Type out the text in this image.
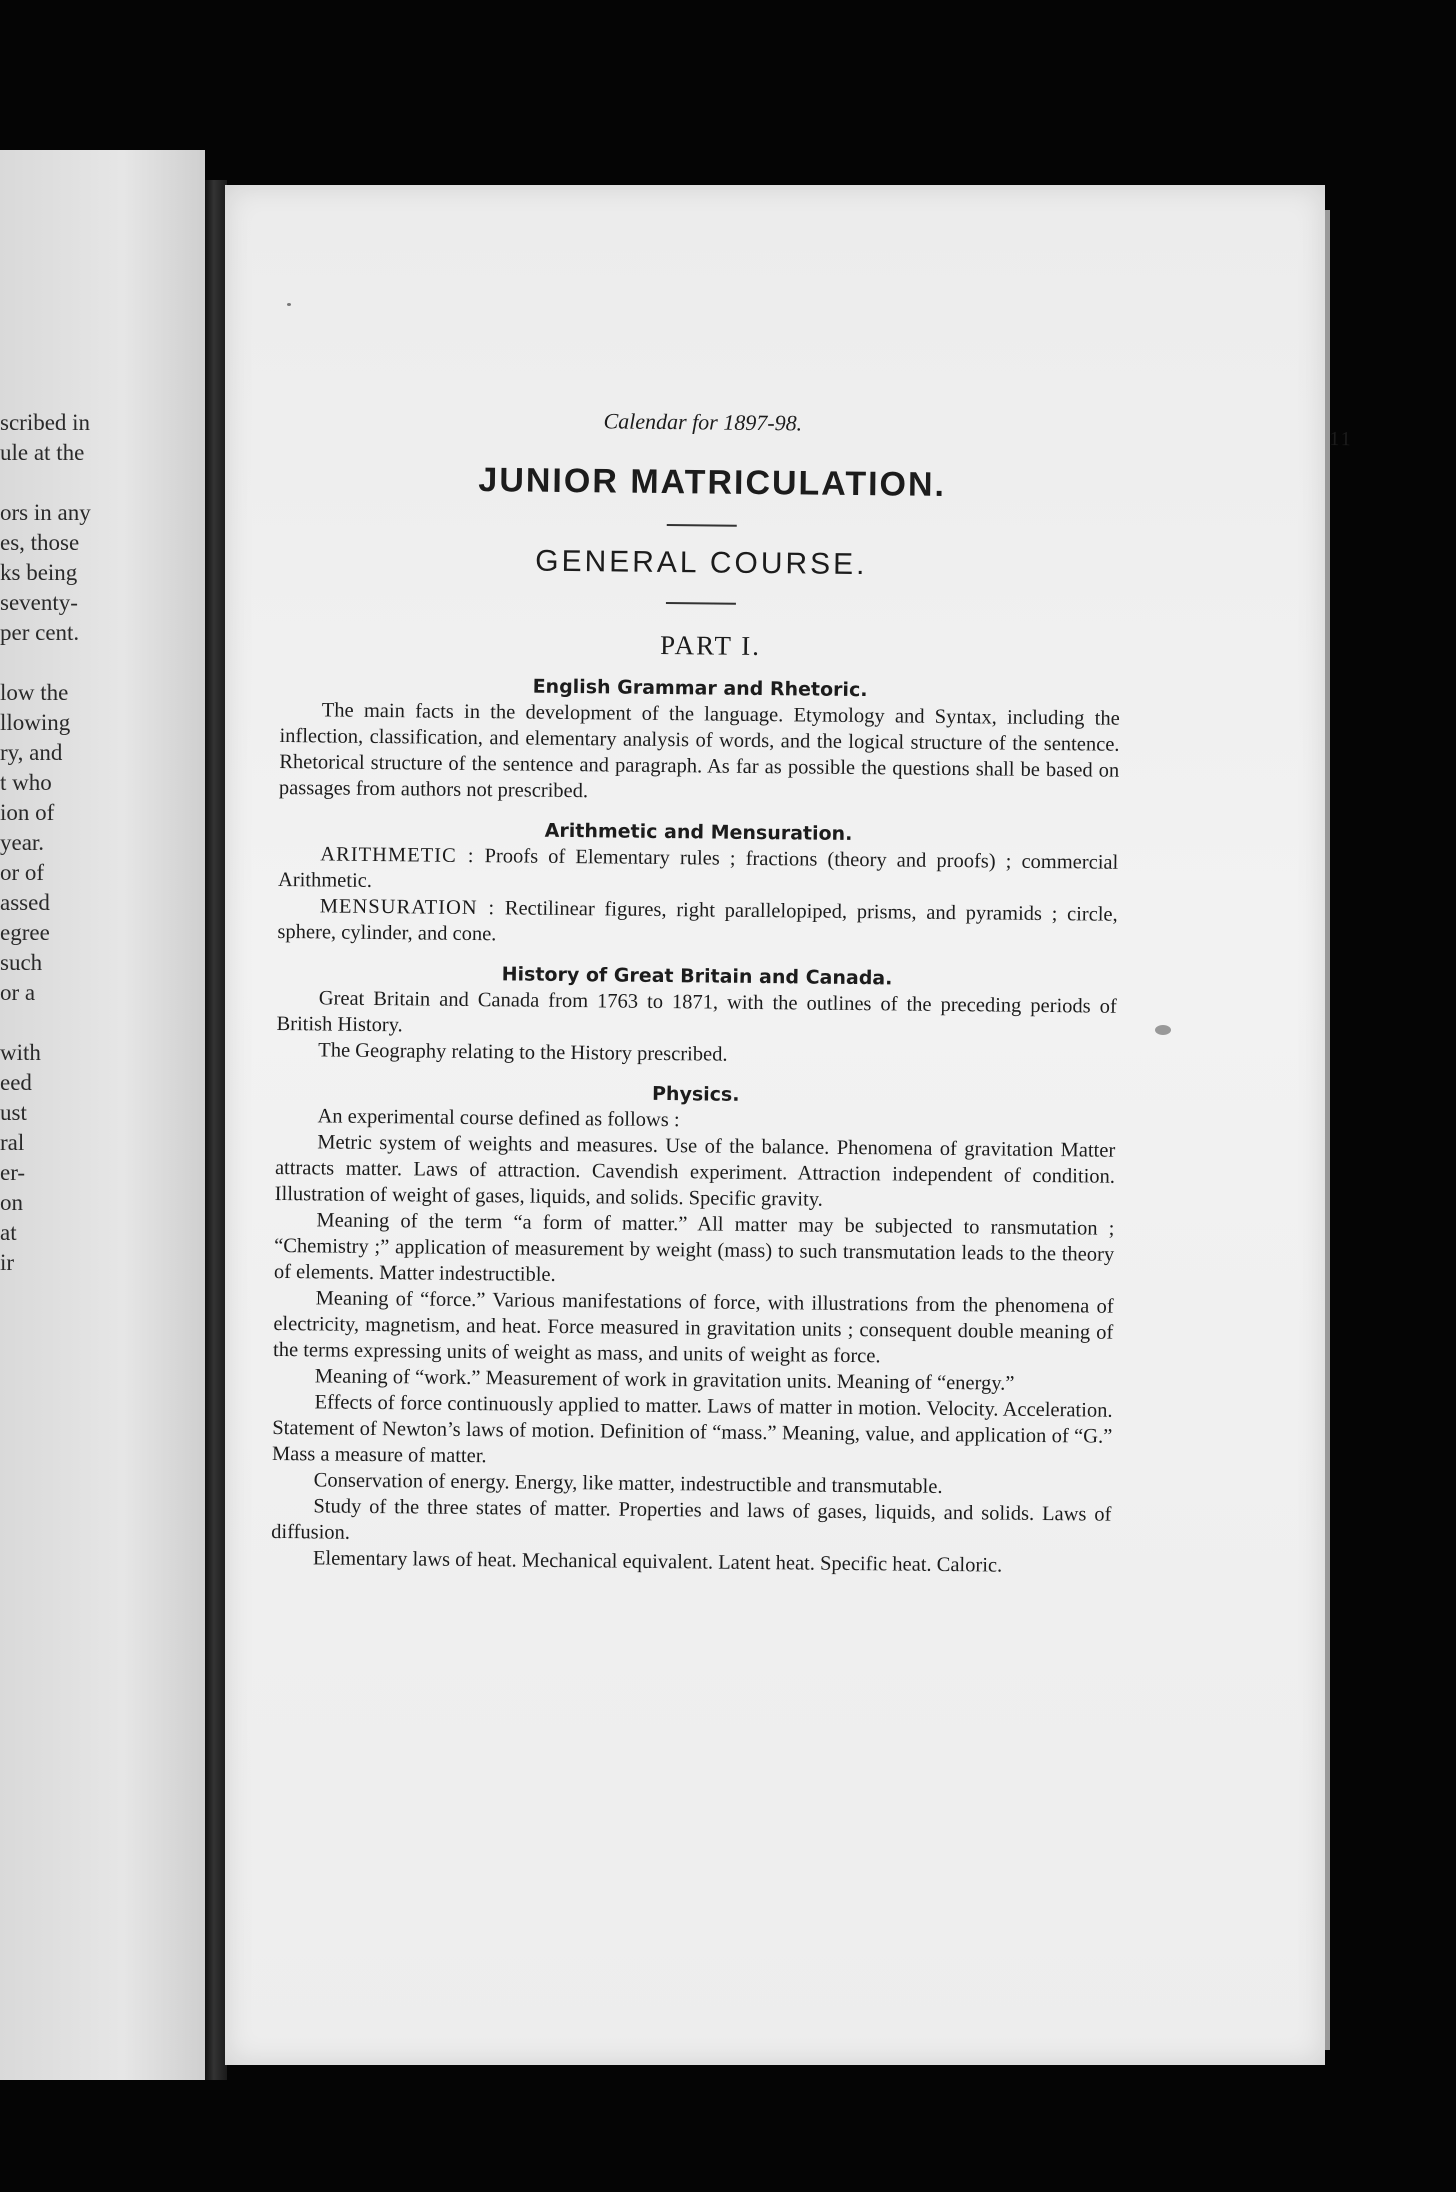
scribed in

ule at the

ors in any

es, those

ks being

seventy-

per cent.

low the

llowing

ry, and

t who

ion of

year.

or of

assed

egree

such

or a

with

eed

ust

ral

er-

on

at

ir

Calendar for 1897-98.
11
JUNIOR MATRICULATION.
GENERAL COURSE.
PART I.
English Grammar and Rhetoric.

The main facts in the development of the language. Etymology and Syntax, including the inflection, classification, and elementary analysis of words, and the logical structure of the sentence. Rhetorical structure of the sentence and paragraph. As far as possible the questions shall be based on passages from authors not prescribed.

Arithmetic and Mensuration.

ARITHMETIC : Proofs of Elementary rules ; fractions (theory and proofs) ; commercial Arithmetic.

MENSURATION : Rectilinear figures, right parallelopiped, prisms, and pyramids ; circle, sphere, cylinder, and cone.

History of Great Britain and Canada.

Great Britain and Canada from 1763 to 1871, with the outlines of the preceding periods of British History.

The Geography relating to the History prescribed.

Physics.

An experimental course defined as follows :

Metric system of weights and measures. Use of the balance. Phenomena of gravitation Matter attracts matter. Laws of attraction. Cavendish experiment. Attraction independent of condition. Illustration of weight of gases, liquids, and solids. Specific gravity.

Meaning of the term “a form of matter.” All matter may be subjected to ransmutation ; “Chemistry ;” application of measurement by weight (mass) to such transmutation leads to the theory of elements. Matter indestructible.

Meaning of “force.” Various manifestations of force, with illustrations from the phenomena of electricity, magnetism, and heat. Force measured in gravitation units ; consequent double meaning of the terms expressing units of weight as mass, and units of weight as force.

Meaning of “work.” Measurement of work in gravitation units. Meaning of “energy.”

Effects of force continuously applied to matter. Laws of matter in motion. Velocity. Acceleration. Statement of Newton’s laws of motion. Definition of “mass.” Meaning, value, and application of “G.” Mass a measure of matter.

Conservation of energy. Energy, like matter, indestructible and transmutable.

Study of the three states of matter. Properties and laws of gases, liquids, and solids. Laws of diffusion.

Elementary laws of heat. Mechanical equivalent. Latent heat. Specific heat. Caloric.
